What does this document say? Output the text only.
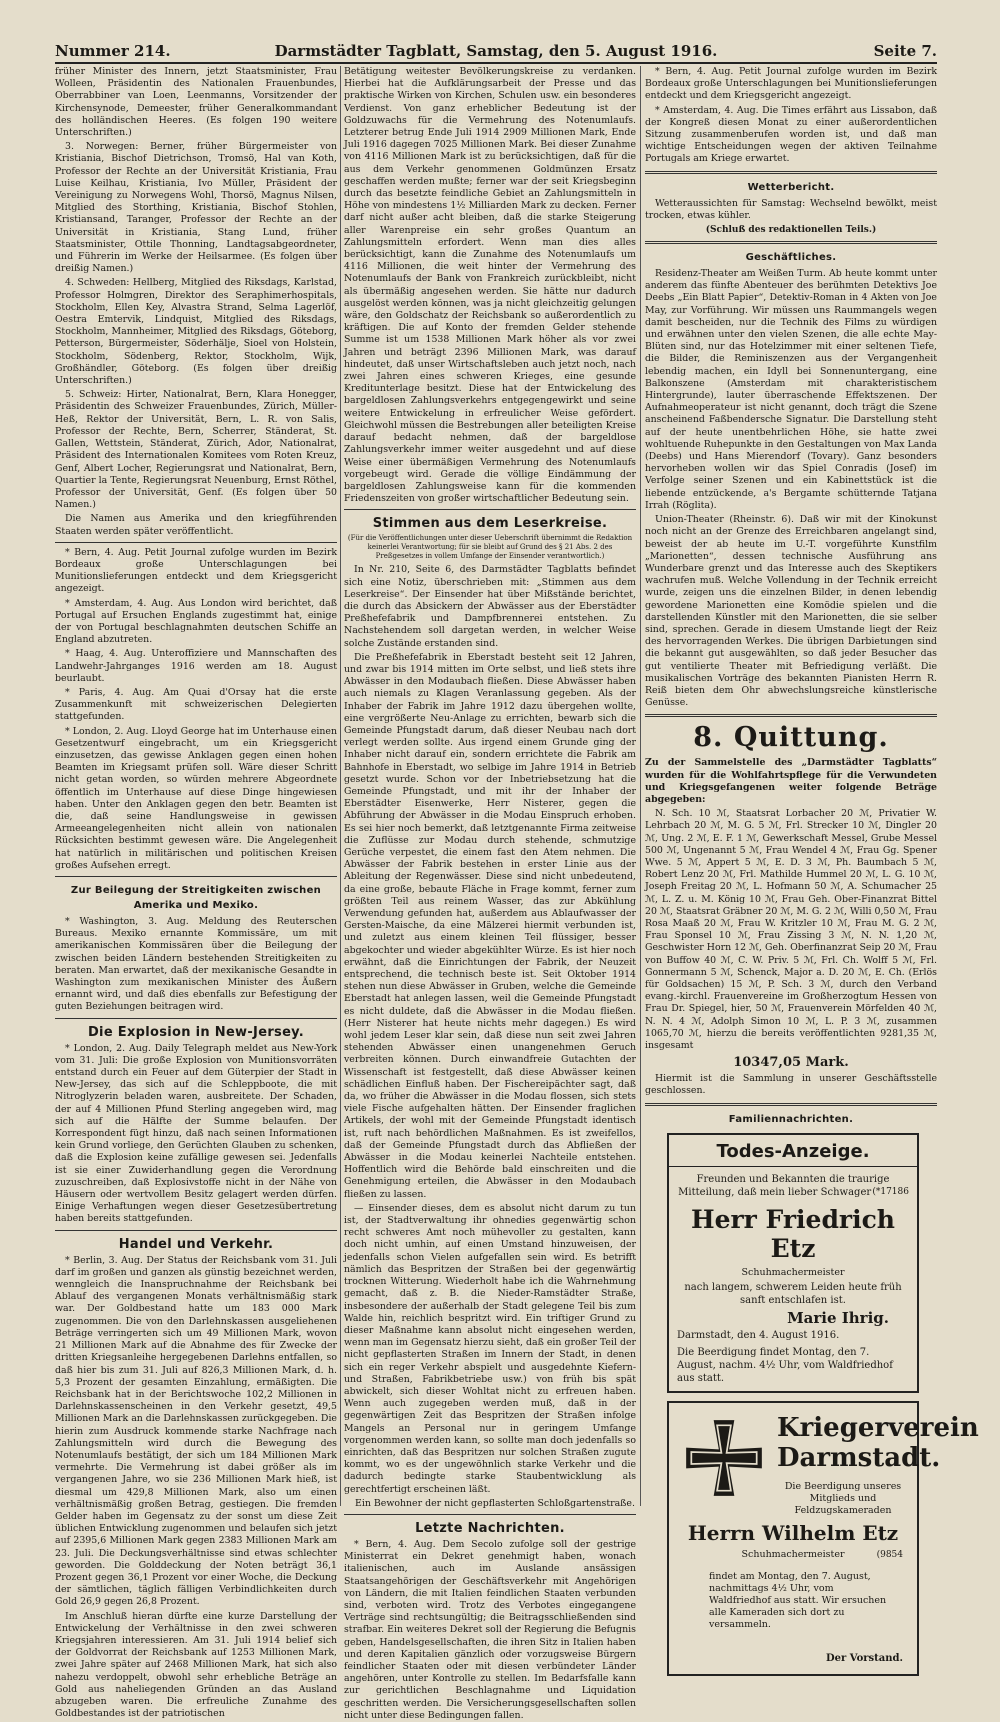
Nummer 214.	Darmstädter Tagblatt, Samstag, den 5. August 1916.	Seite 7.

früher Minister des Innern, jetzt Staatsminister, Frau Wolleen, Präsidentin des Nationalen Frauenbundes, Oberrabbiner van Loen, Leenmanns, Vorsitzender der Kirchensynode, Demeester, früher Generalkommandant des holländischen Heeres. (Es folgen 190 weitere Unterschriften.)

3. Norwegen: Berner, früher Bürgermeister von Kristiania, Bischof Dietrichson, Tromsö, Hal van Koth, Professor der Rechte an der Universität Kristiania, Frau Luise Keilhau, Kristiania, Ivo Müller, Präsident der Vereinigung zu Norwegens Wohl, Thorsö, Magnus Nilsen, Mitglied des Storthing, Kristiania, Bischof Stohlen, Kristiansand, Taranger, Professor der Rechte an der Universität in Kristiania, Stang Lund, früher Staatsminister, Ottile Thonning, Landtagsabgeordneter, und Führerin im Werke der Heilsarmee. (Es folgen über dreißig Namen.)

4. Schweden: Hellberg, Mitglied des Riksdags, Karlstad, Professor Holmgren, Direktor des Seraphimerhospitals, Stockholm, Ellen Key, Alvastra Strand, Selma Lagerlöf, Oestra Emtervik, Lindquist, Mitglied des Riksdags, Stockholm, Mannheimer, Mitglied des Riksdags, Göteborg, Petterson, Bürgermeister, Söderhälje, Sioel von Holstein, Stockholm, Södenberg, Rektor, Stockholm, Wijk, Großhändler, Göteborg. (Es folgen über dreißig Unterschriften.)

5. Schweiz: Hirter, Nationalrat, Bern, Klara Honegger, Präsidentin des Schweizer Frauenbundes, Zürich, Müller-Heß, Rektor der Universität, Bern, L. R. von Salis, Professor der Rechte, Bern, Scherrer, Ständerat, St. Gallen, Wettstein, Ständerat, Zürich, Ador, Nationalrat, Präsident des Internationalen Komitees vom Roten Kreuz, Genf, Albert Locher, Regierungsrat und Nationalrat, Bern, Quartier la Tente, Regierungsrat Neuenburg, Ernst Röthel, Professor der Universität, Genf. (Es folgen über 50 Namen.)

Die Namen aus Amerika und den kriegführenden Staaten werden später veröffentlicht.

* Bern, 4. Aug. Petit Journal zufolge wurden im Bezirk Bordeaux große Unterschlagungen bei Munitionslieferungen entdeckt und dem Kriegsgericht angezeigt.

* Amsterdam, 4. Aug. Aus London wird berichtet, daß Portugal auf Ersuchen Englands zugestimmt hat, einige der von Portugal beschlagnahmten deutschen Schiffe an England abzutreten.

* Haag, 4. Aug. Unteroffiziere und Mannschaften des Landwehr-Jahrganges 1916 werden am 18. August beurlaubt.

* Paris, 4. Aug. Am Quai d'Orsay hat die erste Zusammenkunft mit schweizerischen Delegierten stattgefunden.

* London, 2. Aug. Lloyd George hat im Unterhause einen Gesetzentwurf eingebracht, um ein Kriegsgericht einzusetzen, das gewisse Anklagen gegen einen hohen Beamten im Kriegsamt prüfen soll. Wäre dieser Schritt nicht getan worden, so würden mehrere Abgeordnete öffentlich im Unterhause auf diese Dinge hingewiesen haben. Unter den Anklagen gegen den betr. Beamten ist die, daß seine Handlungsweise in gewissen Armeeangelegenheiten nicht allein von nationalen Rücksichten bestimmt gewesen wäre. Die Angelegenheit hat natürlich in militärischen und politischen Kreisen großes Aufsehen erregt.

Zur Beilegung der Streitigkeiten zwischen Amerika und Mexiko.

* Washington, 3. Aug. Meldung des Reuterschen Bureaus. Mexiko ernannte Kommissäre, um mit amerikanischen Kommissären über die Beilegung der zwischen beiden Ländern bestehenden Streitigkeiten zu beraten. Man erwartet, daß der mexikanische Gesandte in Washington zum mexikanischen Minister des Äußern ernannt wird, und daß dies ebenfalls zur Befestigung der guten Beziehungen beitragen wird.

Die Explosion in New-Jersey.

* London, 2. Aug. Daily Telegraph meldet aus New-York vom 31. Juli: Die große Explosion von Munitionsvorräten entstand durch ein Feuer auf dem Güterpier der Stadt in New-Jersey, das sich auf die Schleppboote, die mit Nitroglyzerin beladen waren, ausbreitete. Der Schaden, der auf 4 Millionen Pfund Sterling angegeben wird, mag sich auf die Hälfte der Summe belaufen. Der Korrespondent fügt hinzu, daß nach seinen Informationen kein Grund vorliege, den Gerüchten Glauben zu schenken, daß die Explosion keine zufällige gewesen sei. Jedenfalls ist sie einer Zuwiderhandlung gegen die Verordnung zuzuschreiben, daß Explosivstoffe nicht in der Nähe von Häusern oder wertvollem Besitz gelagert werden dürfen. Einige Verhaftungen wegen dieser Gesetzesübertretung haben bereits stattgefunden.

Handel und Verkehr.

* Berlin, 3. Aug. Der Status der Reichsbank vom 31. Juli darf im großen und ganzen als günstig bezeichnet werden, wenngleich die Inanspruchnahme der Reichsbank bei Ablauf des vergangenen Monats verhältnismäßig stark war. Der Goldbestand hatte um 183 000 Mark zugenommen. Die von den Darlehnskassen ausgeliehenen Beträge verringerten sich um 49 Millionen Mark, wovon 21 Millionen Mark auf die Abnahme des für Zwecke der dritten Kriegsanleihe hergegebenen Darlehns entfallen, so daß hier bis zum 31. Juli auf 826,3 Millionen Mark, d. h. 5,3 Prozent der gesamten Einzahlung, ermäßigten. Die Reichsbank hat in der Berichtswoche 102,2 Millionen in Darlehnskassenscheinen in den Verkehr gesetzt, 49,5 Millionen Mark an die Darlehnskassen zurückgegeben. Die hierin zum Ausdruck kommende starke Nachfrage nach Zahlungsmitteln wird durch die Bewegung des Notenumlaufs bestätigt, der sich um 184 Millionen Mark vermehrte. Die Vermehrung ist dabei größer als im vergangenen Jahre, wo sie 236 Millionen Mark hieß, ist diesmal um 429,8 Millionen Mark, also um einen verhältnismäßig großen Betrag, gestiegen. Die fremden Gelder haben im Gegensatz zu der sonst um diese Zeit üblichen Entwicklung zugenommen und belaufen sich jetzt auf 2395,6 Millionen Mark gegen 2383 Millionen Mark am 23. Juli. Die Deckungsverhältnisse sind etwas schlechter geworden. Die Golddeckung der Noten beträgt 36,1 Prozent gegen 36,1 Prozent vor einer Woche, die Deckung der sämtlichen, täglich fälligen Verbindlichkeiten durch Gold 26,9 gegen 26,8 Prozent.

Im Anschluß hieran dürfte eine kurze Darstellung der Entwickelung der Verhältnisse in den zwei schweren Kriegsjahren interessieren. Am 31. Juli 1914 belief sich der Goldvorrat der Reichsbank auf 1253 Millionen Mark, zwei Jahre später auf 2468 Millionen Mark, hat sich also nahezu verdoppelt, obwohl sehr erhebliche Beträge an Gold aus naheliegenden Gründen an das Ausland abzugeben waren. Die erfreuliche Zunahme des Goldbestandes ist der patriotischen

Betätigung weitester Bevölkerungskreise zu verdanken. Hierbei hat die Aufklärungsarbeit der Presse und das praktische Wirken von Kirchen, Schulen usw. ein besonderes Verdienst. Von ganz erheblicher Bedeutung ist der Goldzuwachs für die Vermehrung des Notenumlaufs. Letzterer betrug Ende Juli 1914 2909 Millionen Mark, Ende Juli 1916 dagegen 7025 Millionen Mark. Bei dieser Zunahme von 4116 Millionen Mark ist zu berücksichtigen, daß für die aus dem Verkehr genommenen Goldmünzen Ersatz geschaffen werden mußte; ferner war der seit Kriegsbeginn durch das besetzte feindliche Gebiet an Zahlungsmitteln in Höhe von mindestens 1½ Milliarden Mark zu decken. Ferner darf nicht außer acht bleiben, daß die starke Steigerung aller Warenpreise ein sehr großes Quantum an Zahlungsmitteln erfordert. Wenn man dies alles berücksichtigt, kann die Zunahme des Notenumlaufs um 4116 Millionen, die weit hinter der Vermehrung des Notenumlaufs der Bank von Frankreich zurückbleibt, nicht als übermäßig angesehen werden. Sie hätte nur dadurch ausgelöst werden können, was ja nicht gleichzeitig gelungen wäre, den Goldschatz der Reichsbank so außerordentlich zu kräftigen. Die auf Konto der fremden Gelder stehende Summe ist um 1538 Millionen Mark höher als vor zwei Jahren und beträgt 2396 Millionen Mark, was darauf hindeutet, daß unser Wirtschaftsleben auch jetzt noch, nach zwei Jahren eines schweren Krieges, eine gesunde Kreditunterlage besitzt. Diese hat der Entwickelung des bargeldlosen Zahlungsverkehrs entgegengewirkt und seine weitere Entwickelung in erfreulicher Weise gefördert. Gleichwohl müssen die Bestrebungen aller beteiligten Kreise darauf bedacht nehmen, daß der bargeldlose Zahlungsverkehr immer weiter ausgedehnt und auf diese Weise einer übermäßigen Vermehrung des Notenumlaufs vorgebeugt wird. Gerade die völlige Eindämmung der bargeldlosen Zahlungsweise kann für die kommenden Friedenszeiten von großer wirtschaftlicher Bedeutung sein.

Stimmen aus dem Leserkreise.

(Für die Veröffentlichungen unter dieser Ueberschrift übernimmt die Redaktion keinerlei Verantwortung; für sie bleibt auf Grund des § 21 Abs. 2 des Preßgesetzes in vollem Umfange der Einsender verantwortlich.)

In Nr. 210, Seite 6, des Darmstädter Tagblatts befindet sich eine Notiz, überschrieben mit: „Stimmen aus dem Leserkreise“. Der Einsender hat über Mißstände berichtet, die durch das Absickern der Abwässer aus der Eberstädter Preßhefefabrik und Dampfbrennerei entstehen. Zu Nachstehendem soll dargetan werden, in welcher Weise solche Zustände erstanden sind.

Die Preßhefefabrik in Eberstadt besteht seit 12 Jahren, und zwar bis 1914 mitten im Orte selbst, und ließ stets ihre Abwässer in den Modaubach fließen. Diese Abwässer haben auch niemals zu Klagen Veranlassung gegeben. Als der Inhaber der Fabrik im Jahre 1912 dazu übergehen wollte, eine vergrößerte Neu-Anlage zu errichten, bewarb sich die Gemeinde Pfungstadt darum, daß dieser Neubau nach dort verlegt werden sollte. Aus irgend einem Grunde ging der Inhaber nicht darauf ein, sondern errichtete die Fabrik am Bahnhofe in Eberstadt, wo selbige im Jahre 1914 in Betrieb gesetzt wurde. Schon vor der Inbetriebsetzung hat die Gemeinde Pfungstadt, und mit ihr der Inhaber der Eberstädter Eisenwerke, Herr Nisterer, gegen die Abführung der Abwässer in die Modau Einspruch erhoben. Es sei hier noch bemerkt, daß letztgenannte Firma zeitweise die Zuflüsse zur Modau durch stehende, schmutzige Gerüche verpestet, die einem fast den Atem nehmen. Die Abwässer der Fabrik bestehen in erster Linie aus der Ableitung der Regenwässer. Diese sind nicht unbedeutend, da eine große, bebaute Fläche in Frage kommt, ferner zum größten Teil aus reinem Wasser, das zur Abkühlung Verwendung gefunden hat, außerdem aus Ablaufwasser der Gersten-Maische, da eine Mälzerei hiermit verbunden ist, und zuletzt aus einem kleinen Teil flüssiger, besser abgekochter und wieder abgekühlter Würze. Es ist hier noch erwähnt, daß die Einrichtungen der Fabrik, der Neuzeit entsprechend, die technisch beste ist. Seit Oktober 1914 stehen nun diese Abwässer in Gruben, welche die Gemeinde Eberstadt hat anlegen lassen, weil die Gemeinde Pfungstadt es nicht duldete, daß die Abwässer in die Modau fließen. (Herr Nisterer hat heute nichts mehr dagegen.) Es wird wohl jedem Leser klar sein, daß diese nun seit zwei Jahren stehenden Abwässer einen unangenehmen Geruch verbreiten können. Durch einwandfreie Gutachten der Wissenschaft ist festgestellt, daß diese Abwässer keinen schädlichen Einfluß haben. Der Fischereipächter sagt, daß da, wo früher die Abwässer in die Modau flossen, sich stets viele Fische aufgehalten hätten. Der Einsender fraglichen Artikels, der wohl mit der Gemeinde Pfungstadt identisch ist, ruft nach behördlichen Maßnahmen. Es ist zweifellos, daß der Gemeinde Pfungstadt durch das Abfließen der Abwässer in die Modau keinerlei Nachteile entstehen. Hoffentlich wird die Behörde bald einschreiten und die Genehmigung erteilen, die Abwässer in den Modaubach fließen zu lassen.

— Einsender dieses, dem es absolut nicht darum zu tun ist, der Stadtverwaltung ihr ohnedies gegenwärtig schon recht schweres Amt noch mühevoller zu gestalten, kann doch nicht umhin, auf einen Umstand hinzuweisen, der jedenfalls schon Vielen aufgefallen sein wird. Es betrifft nämlich das Bespritzen der Straßen bei der gegenwärtig trocknen Witterung. Wiederholt habe ich die Wahrnehmung gemacht, daß z. B. die Nieder-Ramstädter Straße, insbesondere der außerhalb der Stadt gelegene Teil bis zum Walde hin, reichlich bespritzt wird. Ein triftiger Grund zu dieser Maßnahme kann absolut nicht eingesehen werden, wenn man im Gegensatz hierzu sieht, daß ein großer Teil der nicht gepflasterten Straßen im Innern der Stadt, in denen sich ein reger Verkehr abspielt und ausgedehnte Kiefern- und Straßen, Fabrikbetriebe usw.) von früh bis spät abwickelt, sich dieser Wohltat nicht zu erfreuen haben. Wenn auch zugegeben werden muß, daß in der gegenwärtigen Zeit das Bespritzen der Straßen infolge Mangels an Personal nur in geringem Umfange vorgenommen werden kann, so sollte man doch jedenfalls so einrichten, daß das Bespritzen nur solchen Straßen zugute kommt, wo es der ungewöhnlich starke Verkehr und die dadurch bedingte starke Staubentwicklung als gerechtfertigt erscheinen läßt.

Ein Bewohner der nicht gepflasterten Schloßgartenstraße.

Letzte Nachrichten.

* Bern, 4. Aug. Dem Secolo zufolge soll der gestrige Ministerrat ein Dekret genehmigt haben, wonach italienischen, auch im Auslande ansässigen Staatsangehörigen der Geschäftsverkehr mit Angehörigen von Ländern, die mit Italien feindlichen Staaten verbunden sind, verboten wird. Trotz des Verbotes eingegangene Verträge sind rechtsungültig; die Beitragsschließenden sind strafbar. Ein weiteres Dekret soll der Regierung die Befugnis geben, Handelsgesellschaften, die ihren Sitz in Italien haben und deren Kapitalien gänzlich oder vorzugsweise Bürgern feindlicher Staaten oder mit diesen verbündeter Länder angehören, unter Kontrolle zu stellen. Im Bedarfsfalle kann zur gerichtlichen Beschlagnahme und Liquidation geschritten werden. Die Versicherungsgesellschaften sollen nicht unter diese Bedingungen fallen.

* Bern, 4. Aug. Petit Journal zufolge wurden im Bezirk Bordeaux große Unterschlagungen bei Munitionslieferungen entdeckt und dem Kriegsgericht angezeigt.

* Amsterdam, 4. Aug. Die Times erfährt aus Lissabon, daß der Kongreß diesen Monat zu einer außerordentlichen Sitzung zusammenberufen worden ist, und daß man wichtige Entscheidungen wegen der aktiven Teilnahme Portugals am Kriege erwartet.

Wetterbericht.

Wetteraussichten für Samstag: Wechselnd bewölkt, meist trocken, etwas kühler.

(Schluß des redaktionellen Teils.)

Geschäftliches.

Residenz-Theater am Weißen Turm. Ab heute kommt unter anderem das fünfte Abenteuer des berühmten Detektivs Joe Deebs „Ein Blatt Papier“, Detektiv-Roman in 4 Akten von Joe May, zur Vorführung. Wir müssen uns Raummangels wegen damit bescheiden, nur die Technik des Films zu würdigen und erwähnen unter den vielen Szenen, die alle echte May-Blüten sind, nur das Hotelzimmer mit einer seltenen Tiefe, die Bilder, die Reminiszenzen aus der Vergangenheit lebendig machen, ein Idyll bei Sonnenuntergang, eine Balkonszene (Amsterdam mit charakteristischem Hintergrunde), lauter überraschende Effektszenen. Der Aufnahmeoperateur ist nicht genannt, doch trägt die Szene anscheinend Faßbendersche Signatur. Die Darstellung steht auf der heute unentbehrlichen Höhe, sie hatte zwei wohltuende Ruhepunkte in den Gestaltungen von Max Landa (Deebs) und Hans Mierendorf (Tovary). Ganz besonders hervorheben wollen wir das Spiel Conradis (Josef) im Verfolge seiner Szenen und ein Kabinettstück ist die liebende entzückende, a's Bergamte schütternde Tatjana Irrah (Röglita).

Union-Theater (Rheinstr. 6). Daß wir mit der Kinokunst noch nicht an der Grenze des Erreichbaren angelangt sind, beweist der ab heute im U.-T. vorgeführte Kunstfilm „Marionetten“, dessen technische Ausführung ans Wunderbare grenzt und das Interesse auch des Skeptikers wachrufen muß. Welche Vollendung in der Technik erreicht wurde, zeigen uns die einzelnen Bilder, in denen lebendig gewordene Marionetten eine Komödie spielen und die darstellenden Künstler mit den Marionetten, die sie selber sind, sprechen. Gerade in diesem Umstande liegt der Reiz des hervorragenden Werkes. Die übrigen Darbietungen sind die bekannt gut ausgewählten, so daß jeder Besucher das gut ventilierte Theater mit Befriedigung verläßt. Die musikalischen Vorträge des bekannten Pianisten Herrn R. Reiß bieten dem Ohr abwechslungsreiche künstlerische Genüsse.

8. Quittung.

Zu der Sammelstelle des „Darmstädter Tagblatts“ wurden für die Wohlfahrtspflege für die Verwundeten und Kriegsgefangenen weiter folgende Beträge abgegeben:

N. Sch. 10 ℳ, Staatsrat Lorbacher 20 ℳ, Privatier W. Lehrbach 20 ℳ, M. G. 5 ℳ, Frl. Strecker 10 ℳ, Dingler 20 ℳ, Ung. 2 ℳ, E. F. 1 ℳ, Gewerkschaft Messel, Grube Messel 500 ℳ, Ungenannt 5 ℳ, Frau Wendel 4 ℳ, Frau Gg. Spener Wwe. 5 ℳ, Appert 5 ℳ, E. D. 3 ℳ, Ph. Baumbach 5 ℳ, Robert Lenz 20 ℳ, Frl. Mathilde Hummel 20 ℳ, L. G. 10 ℳ, Joseph Freitag 20 ℳ, L. Hofmann 50 ℳ, A. Schumacher 25 ℳ, L. Z. u. M. König 10 ℳ, Frau Geh. Ober-Finanzrat Bittel 20 ℳ, Staatsrat Gräbner 20 ℳ, M. G. 2 ℳ, Willi 0,50 ℳ, Frau Rosa Maaß 20 ℳ, Frau W. Kritzler 10 ℳ, Frau M. G. 2 ℳ, Frau Sponsel 10 ℳ, Frau Zissing 3 ℳ, N. N. 1,20 ℳ, Geschwister Horn 12 ℳ, Geh. Oberfinanzrat Seip 20 ℳ, Frau von Buffow 40 ℳ, C. W. Priv. 5 ℳ, Frl. Ch. Wolff 5 ℳ, Frl. Gonnermann 5 ℳ, Schenck, Major a. D. 20 ℳ, E. Ch. (Erlös für Goldsachen) 15 ℳ, P. Sch. 3 ℳ, durch den Verband evang.-kirchl. Frauenvereine im Großherzogtum Hessen von Frau Dr. Spiegel, hier, 50 ℳ, Frauenverein Mörfelden 40 ℳ, N. N. 4 ℳ, Adolph Simon 10 ℳ, L. P. 3 ℳ, zusammen 1065,70 ℳ, hierzu die bereits veröffentlichten 9281,35 ℳ, insgesamt

10347,05 Mark.

Hiermit ist die Sammlung in unserer Geschäftsstelle geschlossen.

Familiennachrichten.
Todes-Anzeige.
Freunden und Bekannten die traurige Mitteilung, daß mein lieber Schwager (*17186
Herr Friedrich Etz
Schuhmachermeister
nach langem, schwerem Leiden heute früh sanft entschlafen ist.
Marie Ihrig.
Darmstadt, den 4. August 1916.
Die Beerdigung findet Montag, den 7. August, nachm. 4½ Uhr, vom Waldfriedhof aus statt.
Kriegerverein Darmstadt.
Die Beerdigung unseres Mitglieds und Feldzugskameraden
Herrn Wilhelm Etz
Schuhmachermeister	(9854
findet am Montag, den 7. August, nachmittags 4½ Uhr, vom Waldfriedhof aus statt. Wir ersuchen alle Kameraden sich dort zu versammeln.
Der Vorstand.
